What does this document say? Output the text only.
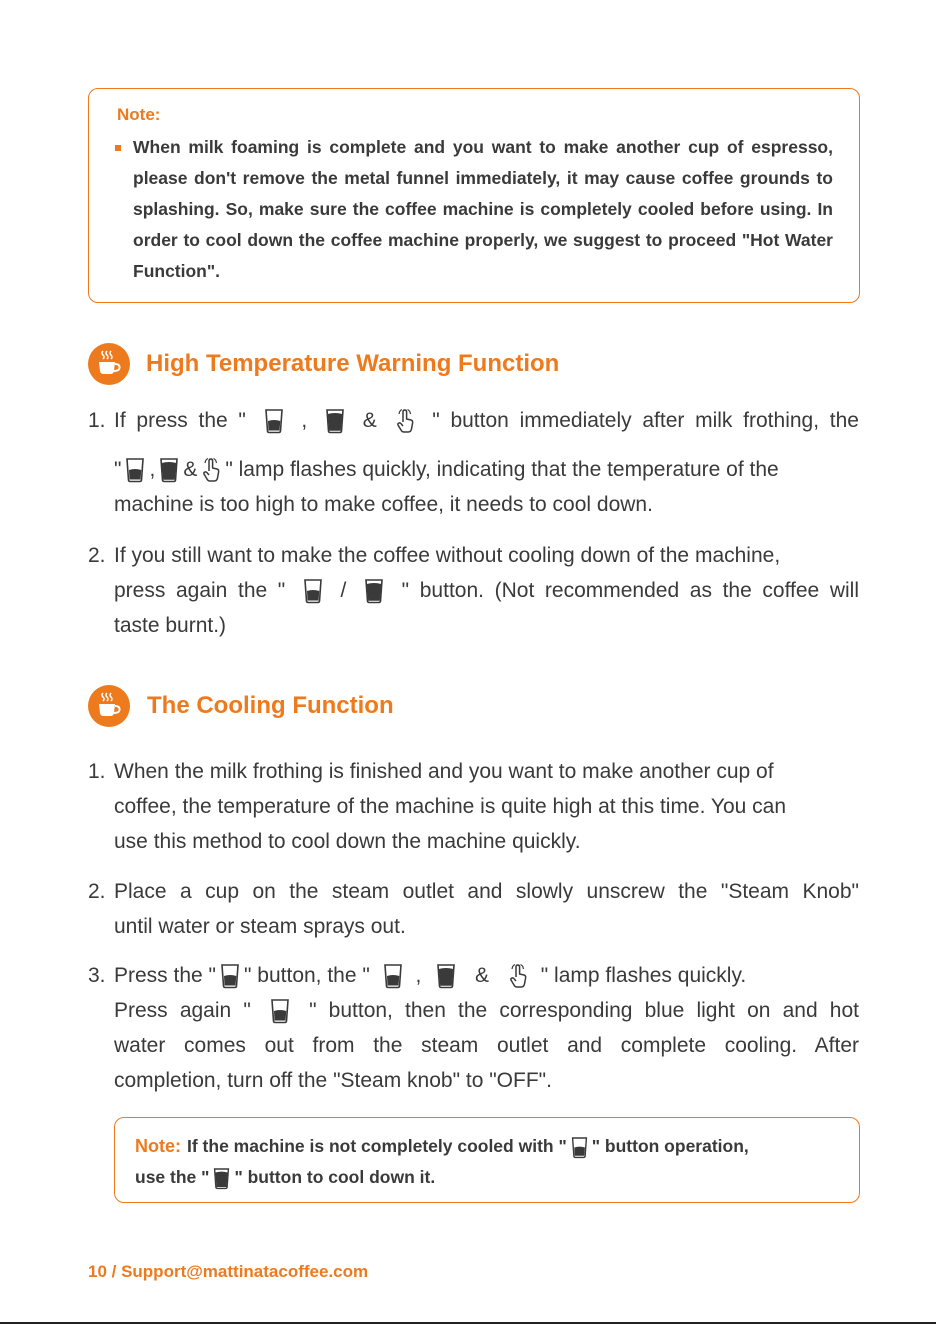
Note:
When milk foaming is complete and you want to make another cup of espresso, please don't remove the metal funnel immediately, it may cause coffee grounds to splashing. So, make sure the coffee machine is completely cooled before using. In order to cool down the coffee machine properly, we suggest to proceed "Hot Water Function".
High Temperature Warning Function
1. If press the "	,	&	" button immediately after milk frothing, the
" , & " lamp flashes quickly, indicating that the temperature of the
machine is too high to make coffee, it needs to cool down.
2. If you still want to make the coffee without cooling down of the machine,
press again the "	/	" button. (Not recommended as the coffee will
taste burnt.)
The Cooling Function
1. When the milk frothing is finished and you want to make another cup of
coffee, the temperature of the machine is quite high at this time. You can
use this method to cool down the machine quickly.
2. Place a cup on the steam outlet and slowly unscrew the "Steam Knob"
until water or steam sprays out.
3. Press the " " button, the " ,	& " lamp flashes quickly.
Press again "	" button, then the corresponding blue light on and hot
water comes out from the steam outlet and complete cooling. After
completion, turn off the "Steam knob" to "OFF".
Note: If the machine is not completely cooled with " " button operation,
use the " " button to cool down it.
10 / Support@mattinatacoffee.com
